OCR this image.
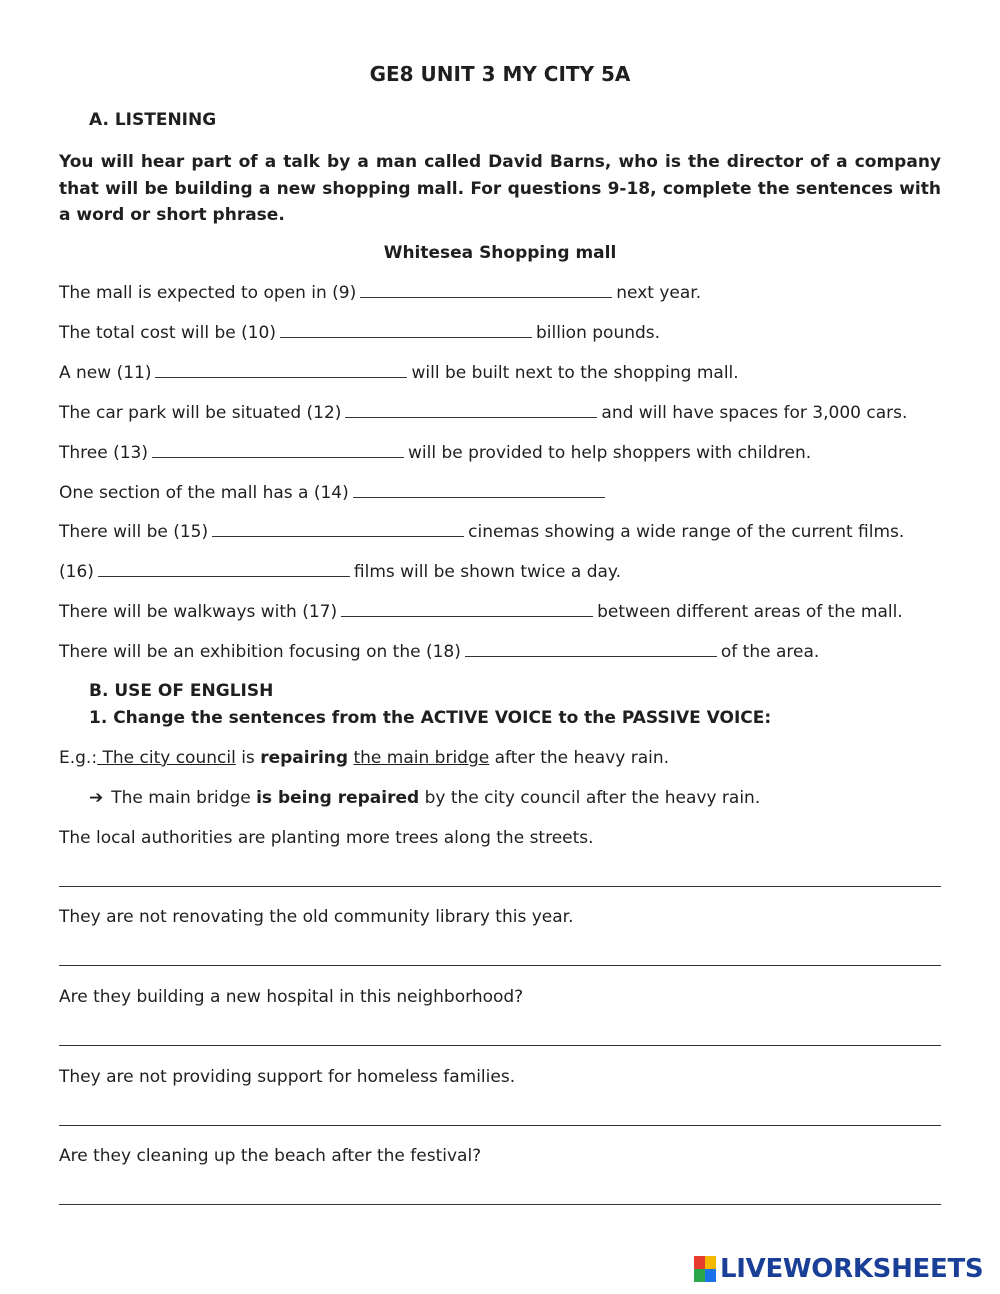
GE8 UNIT 3 MY CITY 5A
A. LISTENING
You will hear part of a talk by a man called David Barns, who is the director of a company that will be building a new shopping mall. For questions 9-18, complete the sentences with a word or short phrase.
Whitesea Shopping mall
The mall is expected to open in (9)	next year.
The total cost will be (10)	billion pounds.
A new (11)	will be built next to the shopping mall.
The car park will be situated (12)	and will have spaces for 3,000 cars.
Three (13)	will be provided to help shoppers with children.
One section of the mall has a (14)
There will be (15)	cinemas showing a wide range of the current films.
(16)	films will be shown twice a day.
There will be walkways with (17)	between different areas of the mall.
There will be an exhibition focusing on the (18)	of the area.
B. USE OF ENGLISH
1. Change the sentences from the ACTIVE VOICE to the PASSIVE VOICE:
E.g.: The city council is repairing the main bridge after the heavy rain.
➔ The main bridge is being repaired by the city council after the heavy rain.
The local authorities are planting more trees along the streets.
They are not renovating the old community library this year.
Are they building a new hospital in this neighborhood?
They are not providing support for homeless families.
Are they cleaning up the beach after the festival?
LIVEWORKSHEETS
